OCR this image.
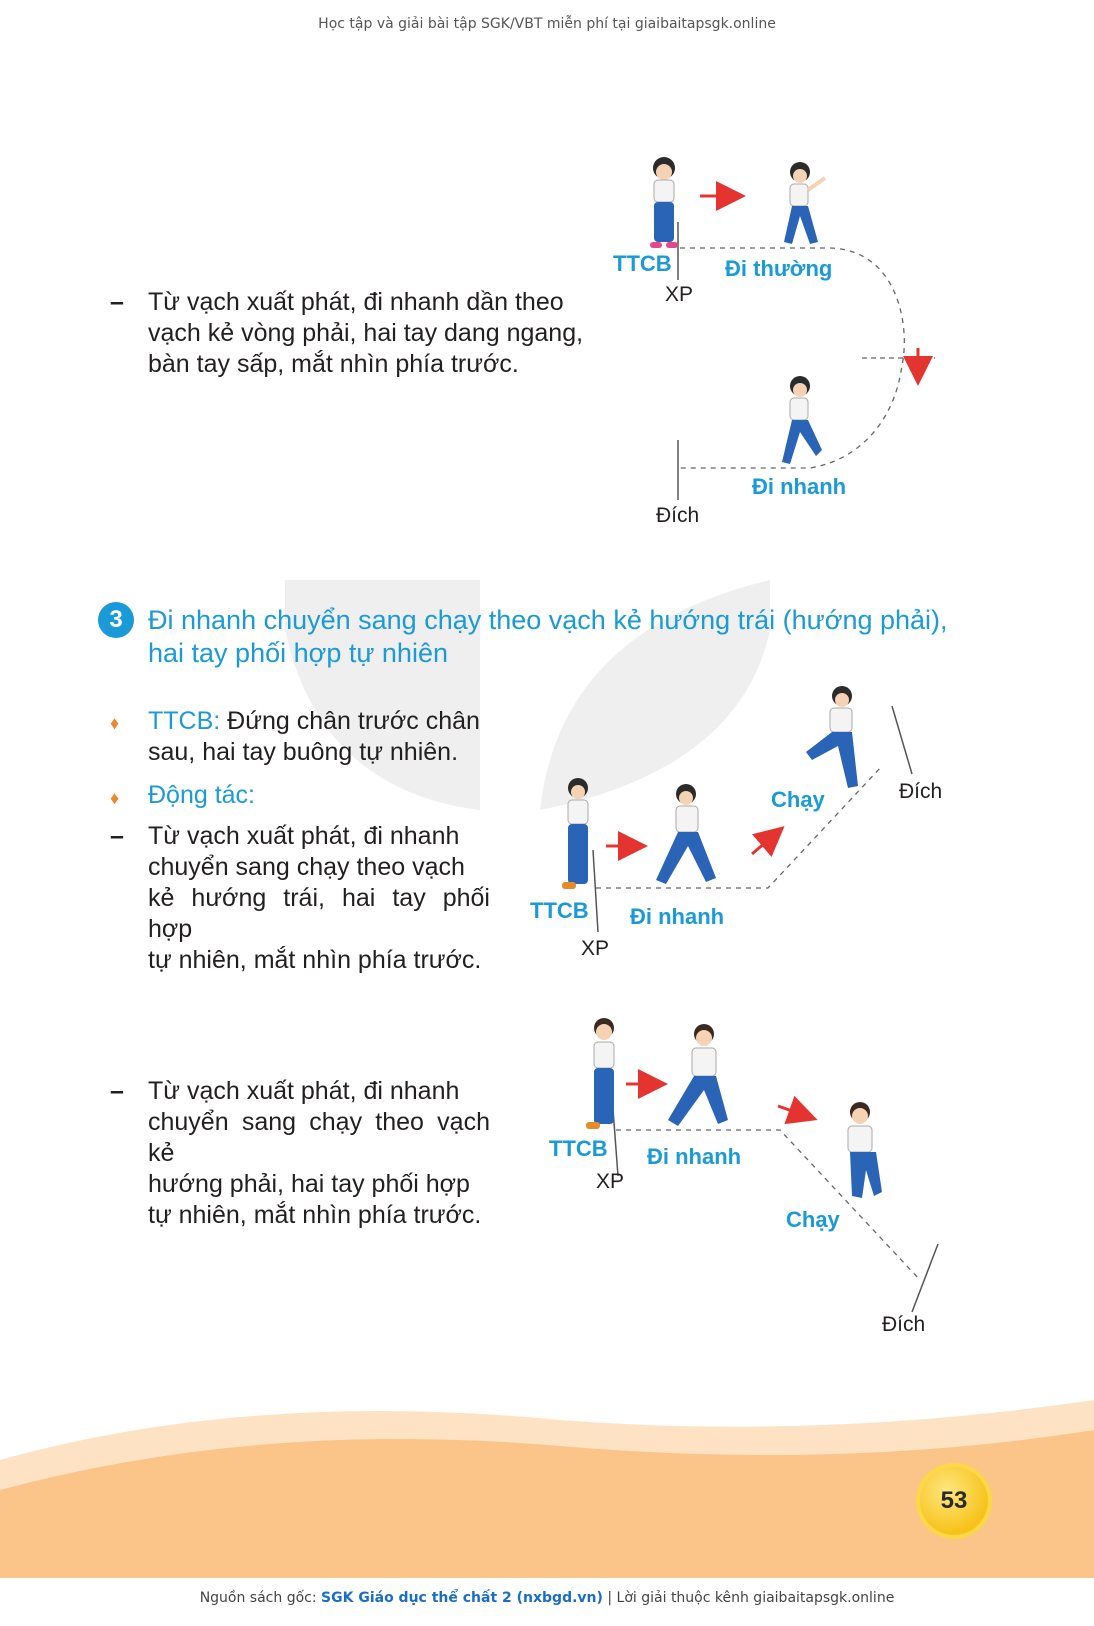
Học tập và giải bài tập SGK/VBT miễn phí tại giaibaitapsgk.online
– Từ vạch xuất phát, đi nhanh dần theo
vạch kẻ vòng phải, hai tay dang ngang,
bàn tay sấp, mắt nhìn phía trước.
TTCB
XP
Đi thường
Đi nhanh
Đích
3 Đi nhanh chuyển sang chạy theo vạch kẻ hướng trái (hướng phải),
hai tay phối hợp tự nhiên
♦ TTCB: Đứng chân trước chân
sau, hai tay buông tự nhiên.
♦ Động tác:
– Từ vạch xuất phát, đi nhanh
chuyển sang chạy theo vạch
kẻ hướng trái, hai tay phối hợp
tự nhiên, mắt nhìn phía trước.
TTCB
XP
Đi nhanh
Chạy	Đích
– Từ vạch xuất phát, đi nhanh
chuyển sang chạy theo vạch kẻ
hướng phải, hai tay phối hợp
tự nhiên, mắt nhìn phía trước.
TTCB
XP
Đi nhanh
Chạy
Đích
53
Nguồn sách gốc: SGK Giáo dục thể chất 2 (nxbgd.vn) | Lời giải thuộc kênh giaibaitapsgk.online
